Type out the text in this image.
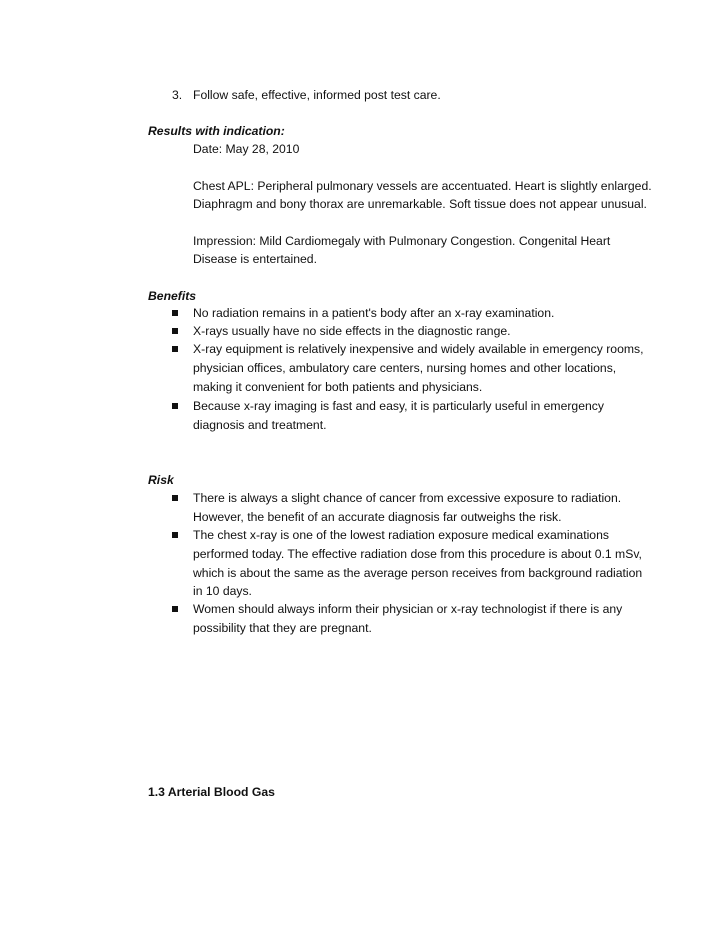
3. Follow safe, effective, informed post test care.
Results with indication:
Date: May 28, 2010
Chest APL: Peripheral pulmonary vessels are accentuated. Heart is slightly enlarged.
Diaphragm and bony thorax are unremarkable. Soft tissue does not appear unusual.
Impression: Mild Cardiomegaly with Pulmonary Congestion. Congenital Heart
Disease is entertained.
Benefits
No radiation remains in a patient's body after an x-ray examination.
X-rays usually have no side effects in the diagnostic range.
X-ray equipment is relatively inexpensive and widely available in emergency rooms,
physician offices, ambulatory care centers, nursing homes and other locations,
making it convenient for both patients and physicians.
Because x-ray imaging is fast and easy, it is particularly useful in emergency
diagnosis and treatment.
Risk
There is always a slight chance of cancer from excessive exposure to radiation.
However, the benefit of an accurate diagnosis far outweighs the risk.
The chest x-ray is one of the lowest radiation exposure medical examinations
performed today. The effective radiation dose from this procedure is about 0.1 mSv,
which is about the same as the average person receives from background radiation
in 10 days.
Women should always inform their physician or x-ray technologist if there is any
possibility that they are pregnant.
1.3 Arterial Blood Gas
